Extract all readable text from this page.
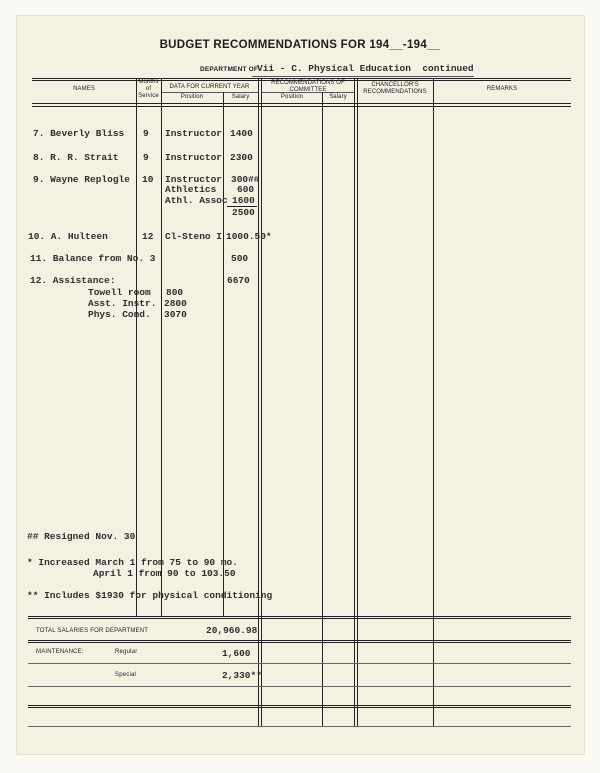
BUDGET RECOMMENDATIONS FOR 194__-194__
DEPARTMENT OF
Vii - C. Physical Education  continued
NAMES
Months
of
Service
DATA FOR CURRENT YEAR
Position	Salary
RECOMMENDATIONS OF
COMMITTEE
Position	Salary
CHANCELLOR'S
RECOMMENDATIONS	REMARKS
7. Beverly Bliss 9 Instructor 1400
8. R. R. Strait	9 Instructor 2300
9. Wayne Replogle 10 Instructor 300##
Athletics 600
Athl. Assoc 1600
2500
10. A. Hulteen	12 Cl-Steno I 1000.50*
11. Balance from No. 3	500
12. Assistance:	6670
Towell room 800
Asst. Instr. 2800
Phys. Cond. 3070
## Resigned Nov. 30
* Increased March 1 from 75 to 90 mo.
April 1 from 90 to 103.50
** Includes $1930 for physical conditioning
TOTAL SALARIES FOR DEPARTMENT	20,960.98
MAINTENANCE:	Regular	1,600
Special	2,330**
